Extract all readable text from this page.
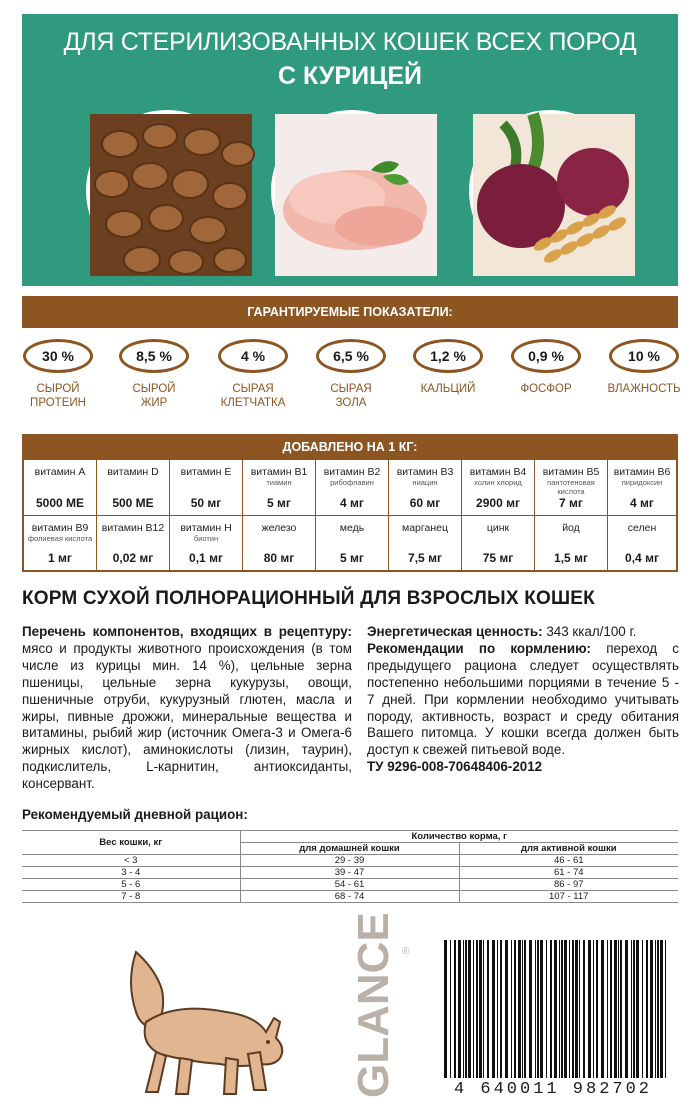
ДЛЯ СТЕРИЛИЗОВАННЫХ КОШЕК ВСЕХ ПОРОД
С КУРИЦЕЙ
ГАРАНТИРУЕМЫЕ ПОКАЗАТЕЛИ:
30 %
СЫРОЙ
ПРОТЕИН
8,5 %
СЫРОЙ
ЖИР
4 %
СЫРАЯ
КЛЕТЧАТКА
6,5 %
СЫРАЯ
ЗОЛА
1,2 %
КАЛЬЦИЙ
0,9 %
ФОСФОР
10 %
ВЛАЖНОСТЬ
ДОБАВЛЕНО НА 1 КГ:
витамин А
5000 МЕ
витамин D
500 МЕ
витамин Е
50 мг
витамин В1
тиамин
5 мг
витамин В2
рибофлавин
4 мг
витамин В3
ниацин
60 мг
витамин В4
холин хлорид
2900 мг
витамин В5
пантотеновая кислота
7 мг
витамин В6
пиридоксин
4 мг
витамин В9
фолиевая кислота
1 мг
витамин В12
0,02 мг
витамин Н
биотин
0,1 мг
железо
80 мг
медь
5 мг
марганец
7,5 мг
цинк
75 мг
йод
1,5 мг
селен
0,4 мг
КОРМ СУХОЙ ПОЛНОРАЦИОННЫЙ ДЛЯ ВЗРОСЛЫХ КОШЕК
Перечень компонентов, входящих в рецептуру: мясо и продукты животного происхождения (в том числе из курицы мин. 14 %), цельные зерна пшеницы, цельные зерна кукурузы, овощи, пшеничные отруби, кукурузный глютен, масла и жиры, пивные дрожжи, минеральные вещества и витамины, рыбий жир (источник Омега-3 и Омега-6 жирных кислот), аминокислоты (лизин, таурин), подкислитель, L-карнитин, антиоксиданты, консервант.
Энергетическая ценность: 343 ккал/100 г.
Рекомендации по кормлению: переход с предыдущего рациона следует осуществлять постепенно небольшими порциями в течение 5 - 7 дней. При кормлении необходимо учитывать породу, активность, возраст и среду обитания Вашего питомца. У кошки всегда должен быть доступ к свежей питьевой воде.
ТУ 9296-008-70648406-2012
Рекомендуемый дневной рацион:
Вес кошки, кг	Количество корма, г	
	для домашней кошки	для активной кошки
< 3	29 - 39	46 - 61
3 - 4	39 - 47	61 - 74
5 - 6	54 - 61	86 - 97
7 - 8	68 - 74	107 - 117
GLANCE ®
4 640011 982702
